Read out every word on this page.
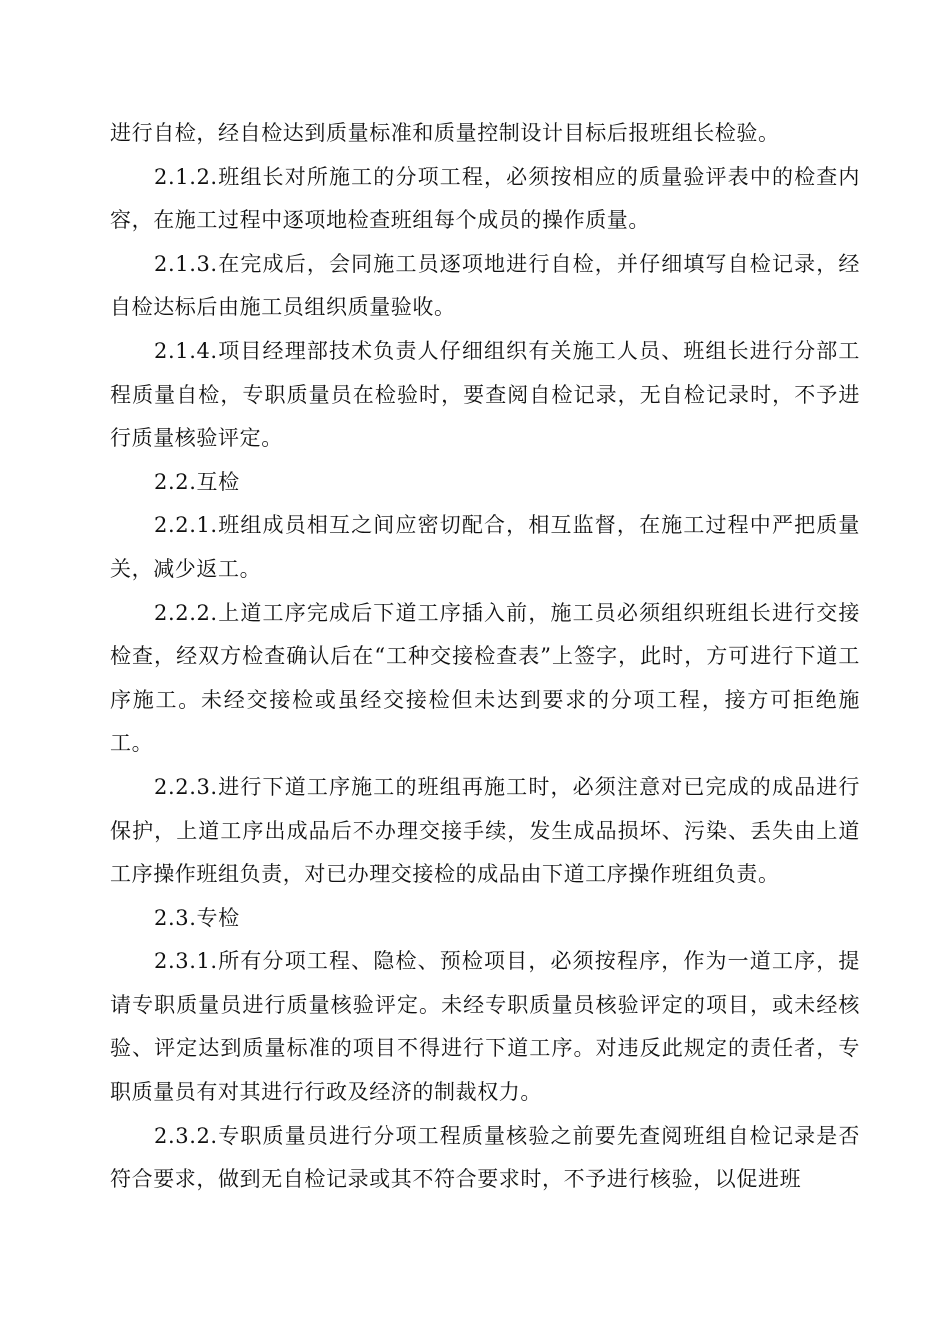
进行自检，经自检达到质量标准和质量控制设计目标后报班组长检验。

2.1.2.班组长对所施工的分项工程，必须按相应的质量验评表中的检查内容，在施工过程中逐项地检查班组每个成员的操作质量。

2.1.3.在完成后，会同施工员逐项地进行自检，并仔细填写自检记录，经自检达标后由施工员组织质量验收。

2.1.4.项目经理部技术负责人仔细组织有关施工人员、班组长进行分部工程质量自检，专职质量员在检验时，要查阅自检记录，无自检记录时，不予进行质量核验评定。

2.2.互检

2.2.1.班组成员相互之间应密切配合，相互监督，在施工过程中严把质量关，减少返工。

2.2.2.上道工序完成后下道工序插入前，施工员必须组织班组长进行交接检查，经双方检查确认后在“工种交接检查表”上签字，此时，方可进行下道工序施工。未经交接检或虽经交接检但未达到要求的分项工程，接方可拒绝施工。

2.2.3.进行下道工序施工的班组再施工时，必须注意对已完成的成品进行保护，上道工序出成品后不办理交接手续，发生成品损坏、污染、丢失由上道工序操作班组负责，对已办理交接检的成品由下道工序操作班组负责。

2.3.专检

2.3.1.所有分项工程、隐检、预检项目，必须按程序，作为一道工序，提请专职质量员进行质量核验评定。未经专职质量员核验评定的项目，或未经核验、评定达到质量标准的项目不得进行下道工序。对违反此规定的责任者，专职质量员有对其进行行政及经济的制裁权力。

2.3.2.专职质量员进行分项工程质量核验之前要先查阅班组自检记录是否符合要求，做到无自检记录或其不符合要求时，不予进行核验，以促进班
